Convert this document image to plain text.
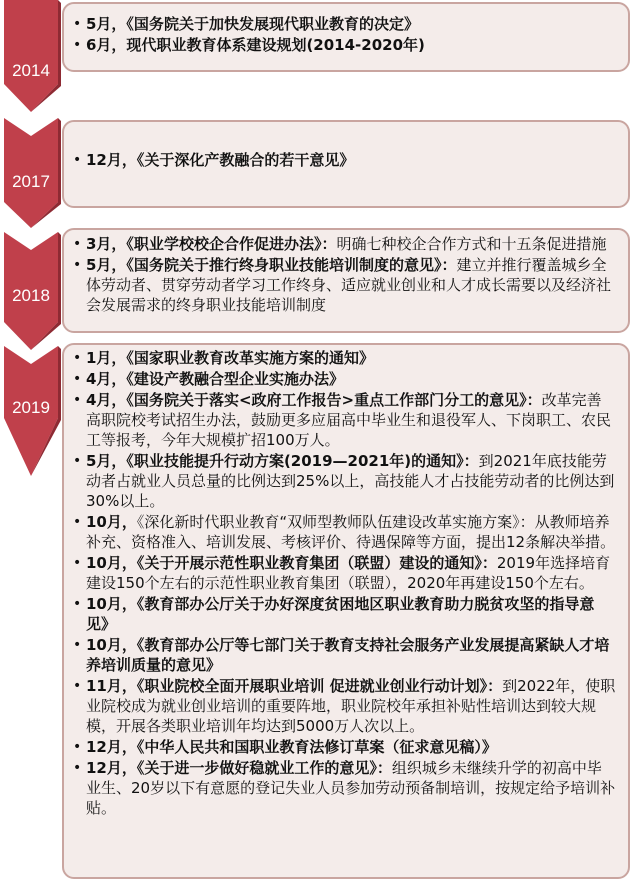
2014
2017
2018
2019
• 5月，《国务院关于加快发展现代职业教育的决定》
• 6月，现代职业教育体系建设规划(2014-2020年)
• 12月，《关于深化产教融合的若干意见》
• 3月，《职业学校校企合作促进办法》：明确七种校企合作方式和十五条促进措施
• 5月，《国务院关于推行终身职业技能培训制度的意见》：建立并推行覆盖城乡全体劳动者、贯穿劳动者学习工作终身、适应就业创业和人才成长需要以及经济社会发展需求的终身职业技能培训制度
• 1月，《国家职业教育改革实施方案的通知》
• 4月，《建设产教融合型企业实施办法》
• 4月，《国务院关于落实<政府工作报告>重点工作部门分工的意见》：改革完善高职院校考试招生办法，鼓励更多应届高中毕业生和退役军人、下岗职工、农民工等报考，今年大规模扩招100万人。
• 5月，《职业技能提升行动方案(2019—2021年)的通知》：到2021年底技能劳动者占就业人员总量的比例达到25%以上，高技能人才占技能劳动者的比例达到30%以上。
• 10月，《深化新时代职业教育“双师型教师队伍建设改革实施方案》：从教师培养补充、资格准入、培训发展、考核评价、待遇保障等方面，提出12条解决举措。
• 10月，《关于开展示范性职业教育集团（联盟）建设的通知》：2019年选择培育建设150个左右的示范性职业教育集团（联盟），2020年再建设150个左右。
• 10月，《教育部办公厅关于办好深度贫困地区职业教育助力脱贫攻坚的指导意见》
• 10月，《教育部办公厅等七部门关于教育支持社会服务产业发展提高紧缺人才培养培训质量的意见》
• 11月，《职业院校全面开展职业培训 促进就业创业行动计划》：到2022年，使职业院校成为就业创业培训的重要阵地，职业院校年承担补贴性培训达到较大规模，开展各类职业培训年均达到5000万人次以上。
• 12月，《中华人民共和国职业教育法修订草案（征求意见稿）》
• 12月，《关于进一步做好稳就业工作的意见》：组织城乡未继续升学的初高中毕业生、20岁以下有意愿的登记失业人员参加劳动预备制培训，按规定给予培训补贴。
